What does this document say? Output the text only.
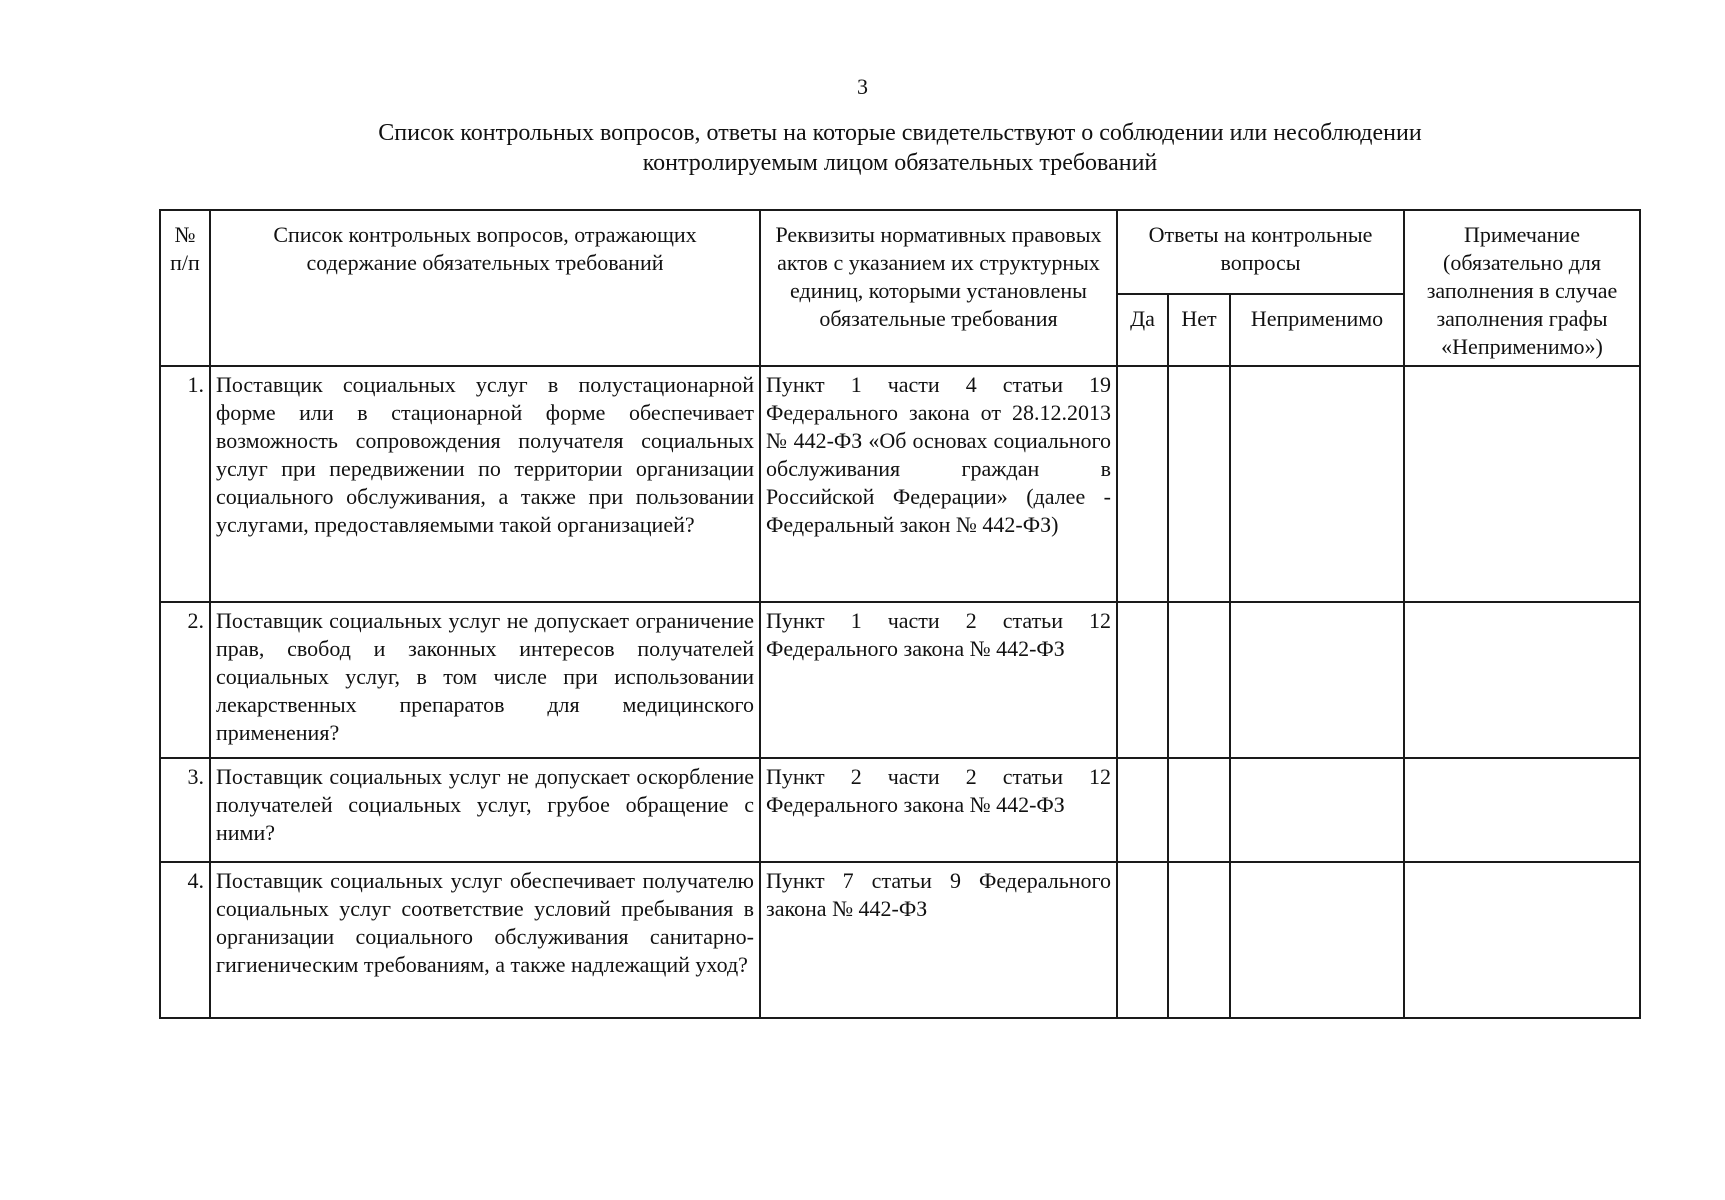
3
Список контрольных вопросов, ответы на которые свидетельствуют о соблюдении или несоблюдении
контролируемым лицом обязательных требований
№ п/п	Список контрольных вопросов, отражающих содержание обязательных требований	Реквизиты нормативных правовых актов с указанием их структурных единиц, которыми установлены обязательные требования	Ответы на контрольные вопросы			Примечание (обязательно для заполнения в случае заполнения графы «Неприменимо»)
			Да	Нет	Неприменимо	
1.	Поставщик социальных услуг в полустационарной форме или в стационарной форме обеспечивает возможность сопровождения получателя социальных услуг при передвижении по территории организации социального обслуживания, а также при пользовании услугами, предоставляемыми такой организацией?	Пункт 1 части 4 статьи 19 Федерального закона от 28.12.2013 № 442-ФЗ «Об основах социального обслуживания граждан в Российской Федерации» (далее - Федеральный закон № 442-ФЗ)				
2.	Поставщик социальных услуг не допускает ограничение прав, свобод и законных интересов получателей социальных услуг, в том числе при использовании лекарственных препаратов для медицинского применения?	Пункт 1 части 2 статьи 12 Федерального закона № 442-ФЗ				
3.	Поставщик социальных услуг не допускает оскорбление получателей социальных услуг, грубое обращение с ними?	Пункт 2 части 2 статьи 12 Федерального закона № 442-ФЗ				
4.	Поставщик социальных услуг обеспечивает получателю социальных услуг соответствие условий пребывания в организации социального обслуживания санитарно-гигиеническим требованиям, а также надлежащий уход?	Пункт 7 статьи 9 Федерального закона № 442-ФЗ				
